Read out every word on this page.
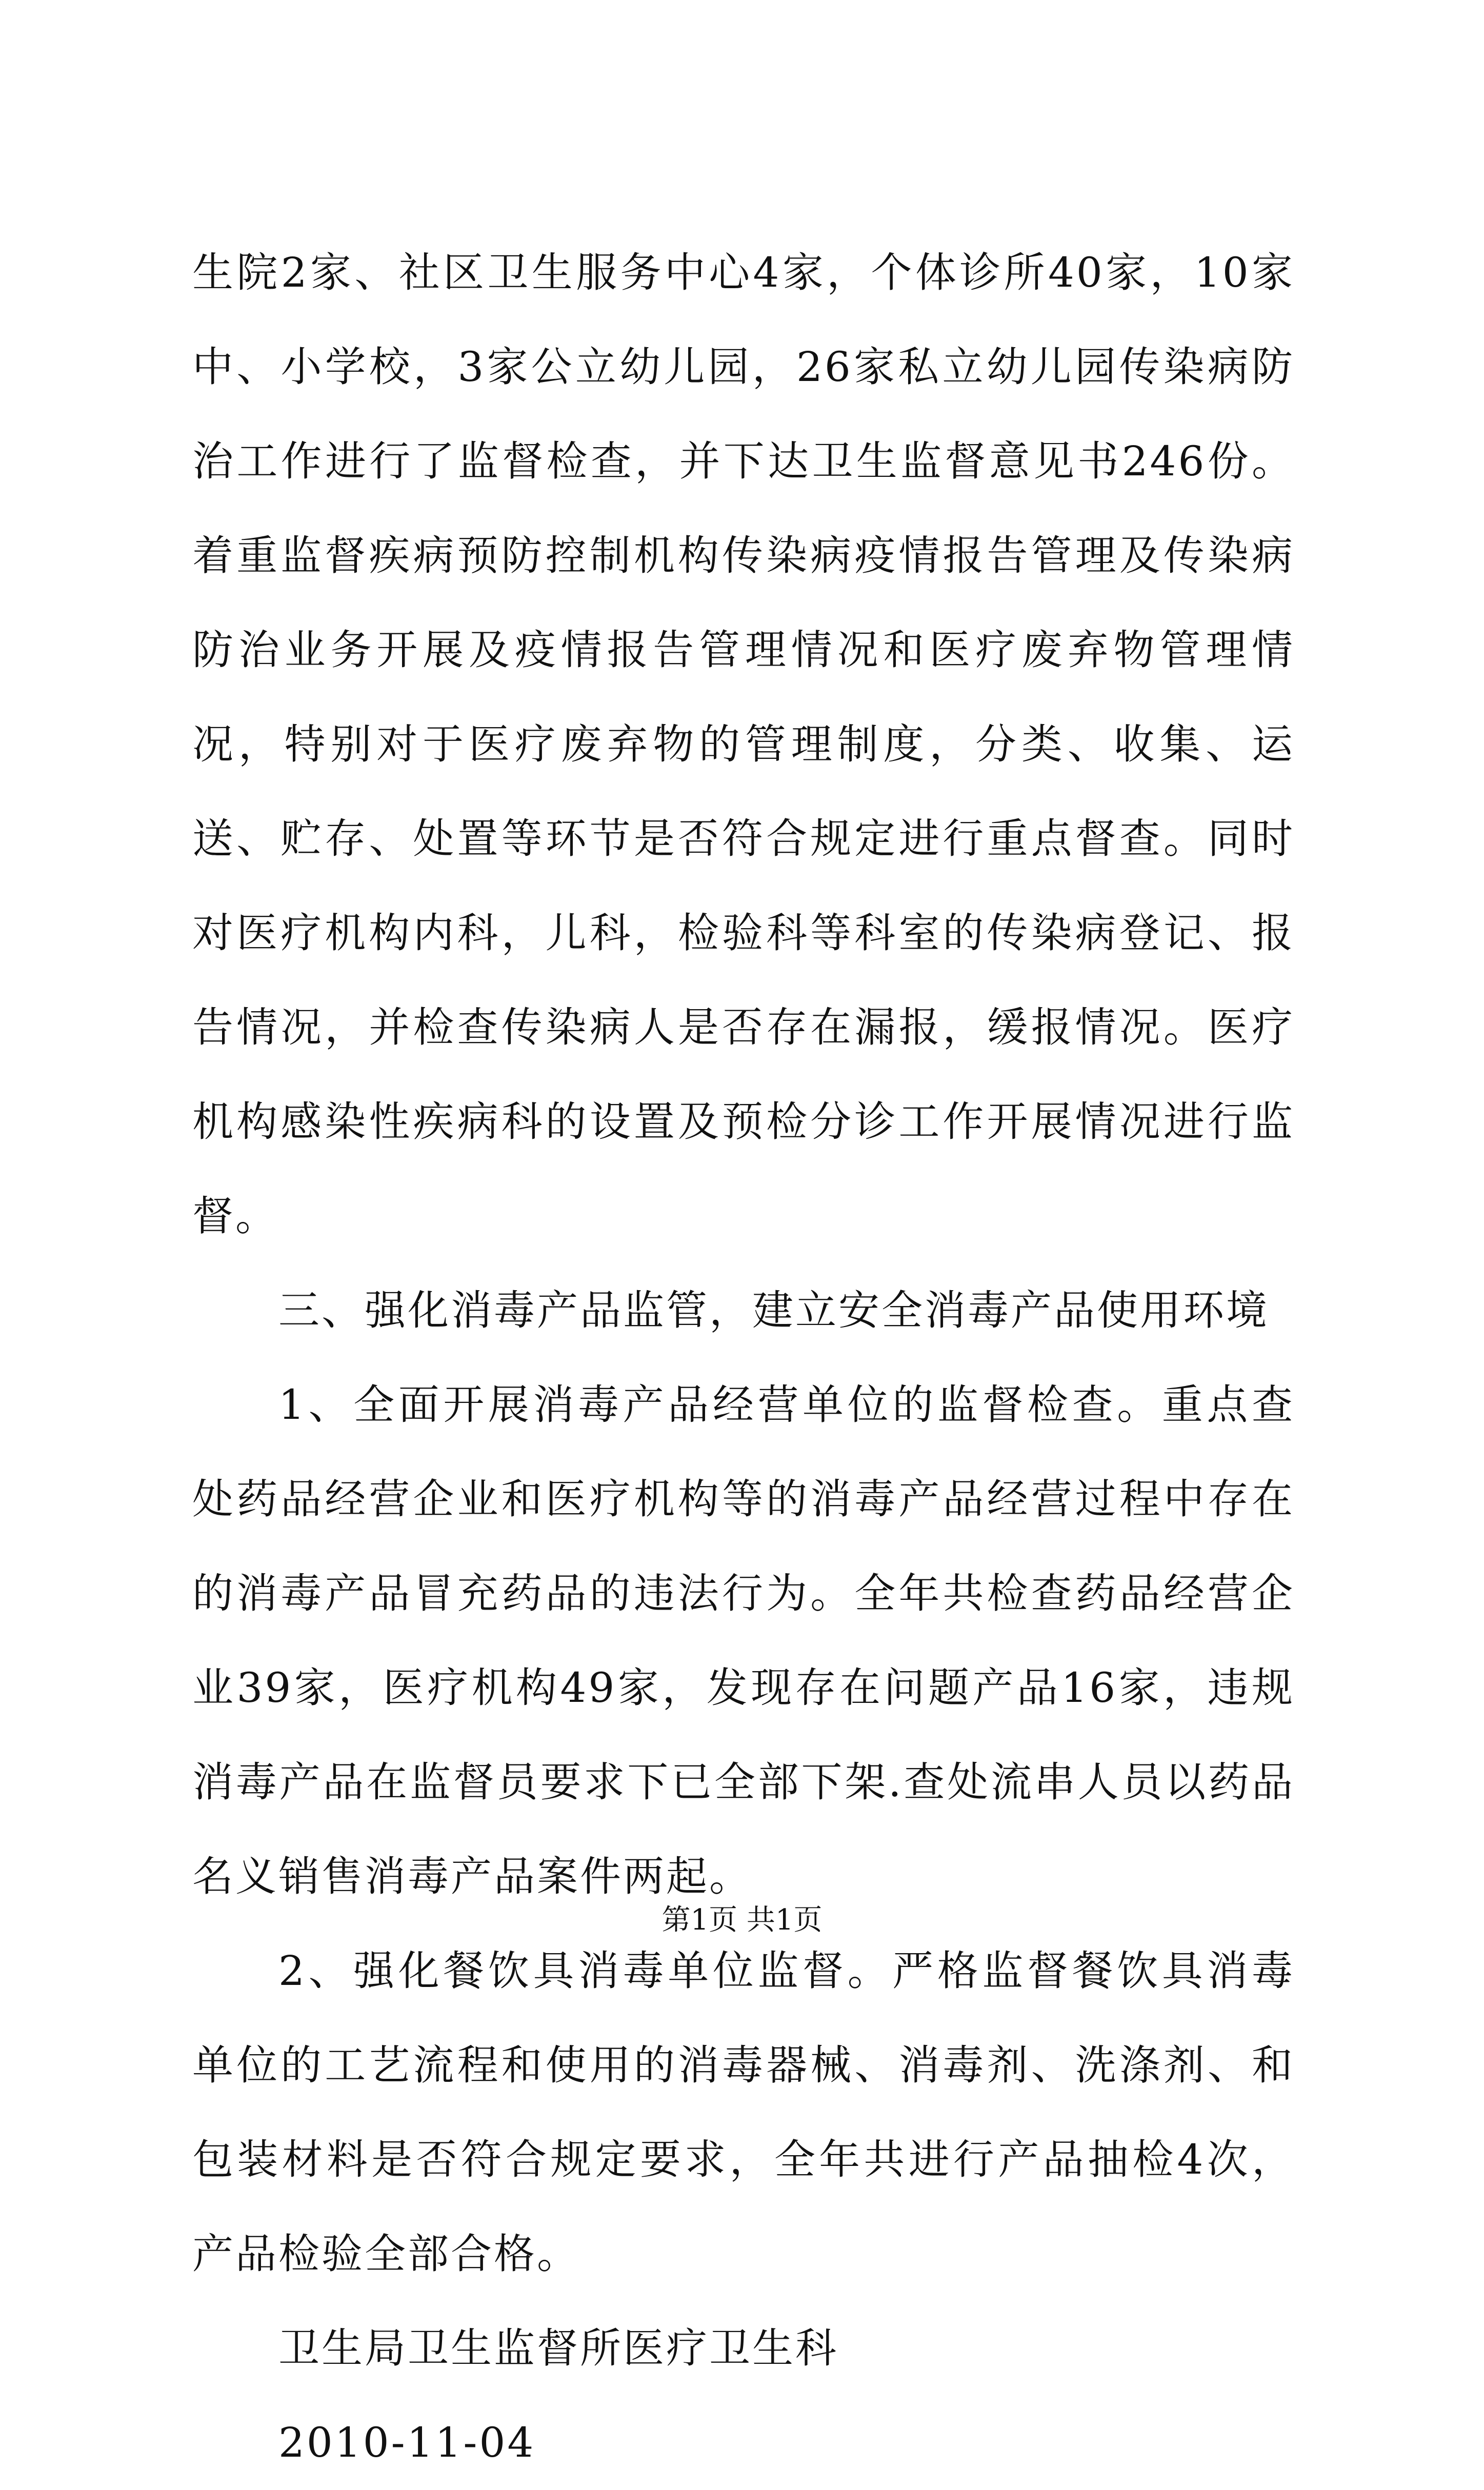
生院2家、社区卫生服务中心4家，个体诊所40家，10家中、小学校，3家公立幼儿园，26家私立幼儿园传染病防治工作进行了监督检查，并下达卫生监督意见书246份。着重监督疾病预防控制机构传染病疫情报告管理及传染病防治业务开展及疫情报告管理情况和医疗废弃物管理情况，特别对于医疗废弃物的管理制度，分类、收集、运送、贮存、处置等环节是否符合规定进行重点督查。同时对医疗机构内科，儿科，检验科等科室的传染病登记、报告情况，并检查传染病人是否存在漏报，缓报情况。医疗机构感染性疾病科的设置及预检分诊工作开展情况进行监督。

三、强化消毒产品监管，建立安全消毒产品使用环境

1、全面开展消毒产品经营单位的监督检查。重点查处药品经营企业和医疗机构等的消毒产品经营过程中存在的消毒产品冒充药品的违法行为。全年共检查药品经营企业39家，医疗机构49家，发现存在问题产品16家，违规消毒产品在监督员要求下已全部下架.查处流串人员以药品名义销售消毒产品案件两起。

2、强化餐饮具消毒单位监督。严格监督餐饮具消毒单位的工艺流程和使用的消毒器械、消毒剂、洗涤剂、和包装材料是否符合规定要求，全年共进行产品抽检4次，产品检验全部合格。

卫生局卫生监督所医疗卫生科

2010-11-04

第1页 共1页
